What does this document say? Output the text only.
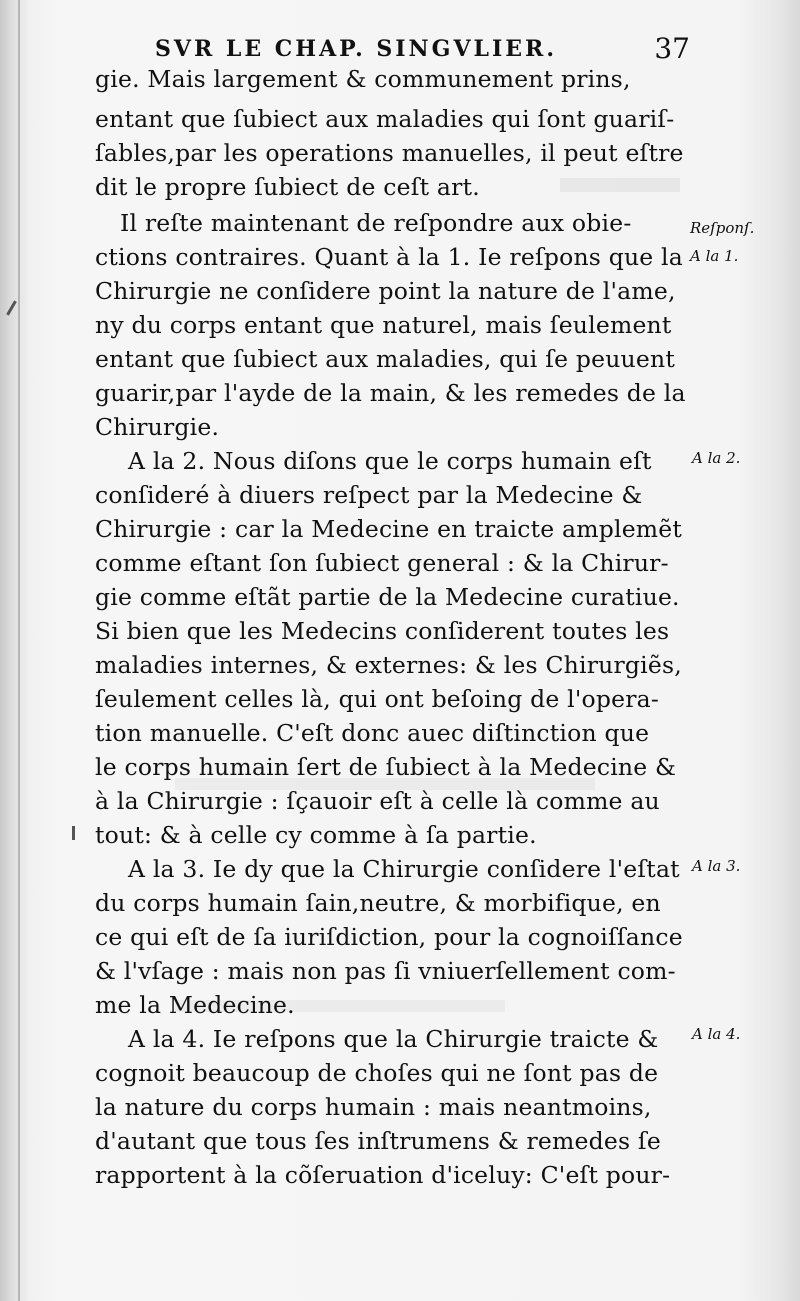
SVR LE CHAP. SINGVLIER.	37
gie. Mais largement & communement prins,
entant que ſubiect aux maladies qui ſont guariſ-
ſables,par les operations manuelles, il peut eſtre
dit le propre ſubiect de ceſt art.
Il reſte maintenant de reſpondre aux obie-
ctions contraires. Quant à la 1. Ie reſpons que la
Chirurgie ne conſidere point la nature de l'ame,
ny du corps entant que naturel, mais ſeulement
entant que ſubiect aux maladies, qui ſe peuuent
guarir,par l'ayde de la main, & les remedes de la
Chirurgie.
A la 2. Nous diſons que le corps humain eſt
conſideré à diuers reſpect par la Medecine &
Chirurgie : car la Medecine en traicte amplemẽt
comme eſtant ſon ſubiect general : & la Chirur-
gie comme eſtãt partie de la Medecine curatiue.
Si bien que les Medecins conſiderent toutes les
maladies internes, & externes: & les Chirurgiẽs,
ſeulement celles là, qui ont beſoing de l'opera-
tion manuelle. C'eſt donc auec diſtinction que
le corps humain ſert de ſubiect à la Medecine &
à la Chirurgie : ſçauoir eſt à celle là comme au
tout: & à celle cy comme à ſa partie.
A la 3. Ie dy que la Chirurgie conſidere l'eſtat
du corps humain ſain,neutre, & morbifique, en
ce qui eſt de ſa iuriſdiction, pour la cognoiſſance
& l'vſage : mais non pas ſi vniuerſellement com-
me la Medecine.
A la 4. Ie reſpons que la Chirurgie traicte &
cognoit beaucoup de choſes qui ne ſont pas de
la nature du corps humain : mais neantmoins,
d'autant que tous ſes inſtrumens & remedes ſe
rapportent à la cõſeruation d'iceluy: C'eſt pour-
Reſponſ.
A la 1.
A la 2.
A la 3.
A la 4.
